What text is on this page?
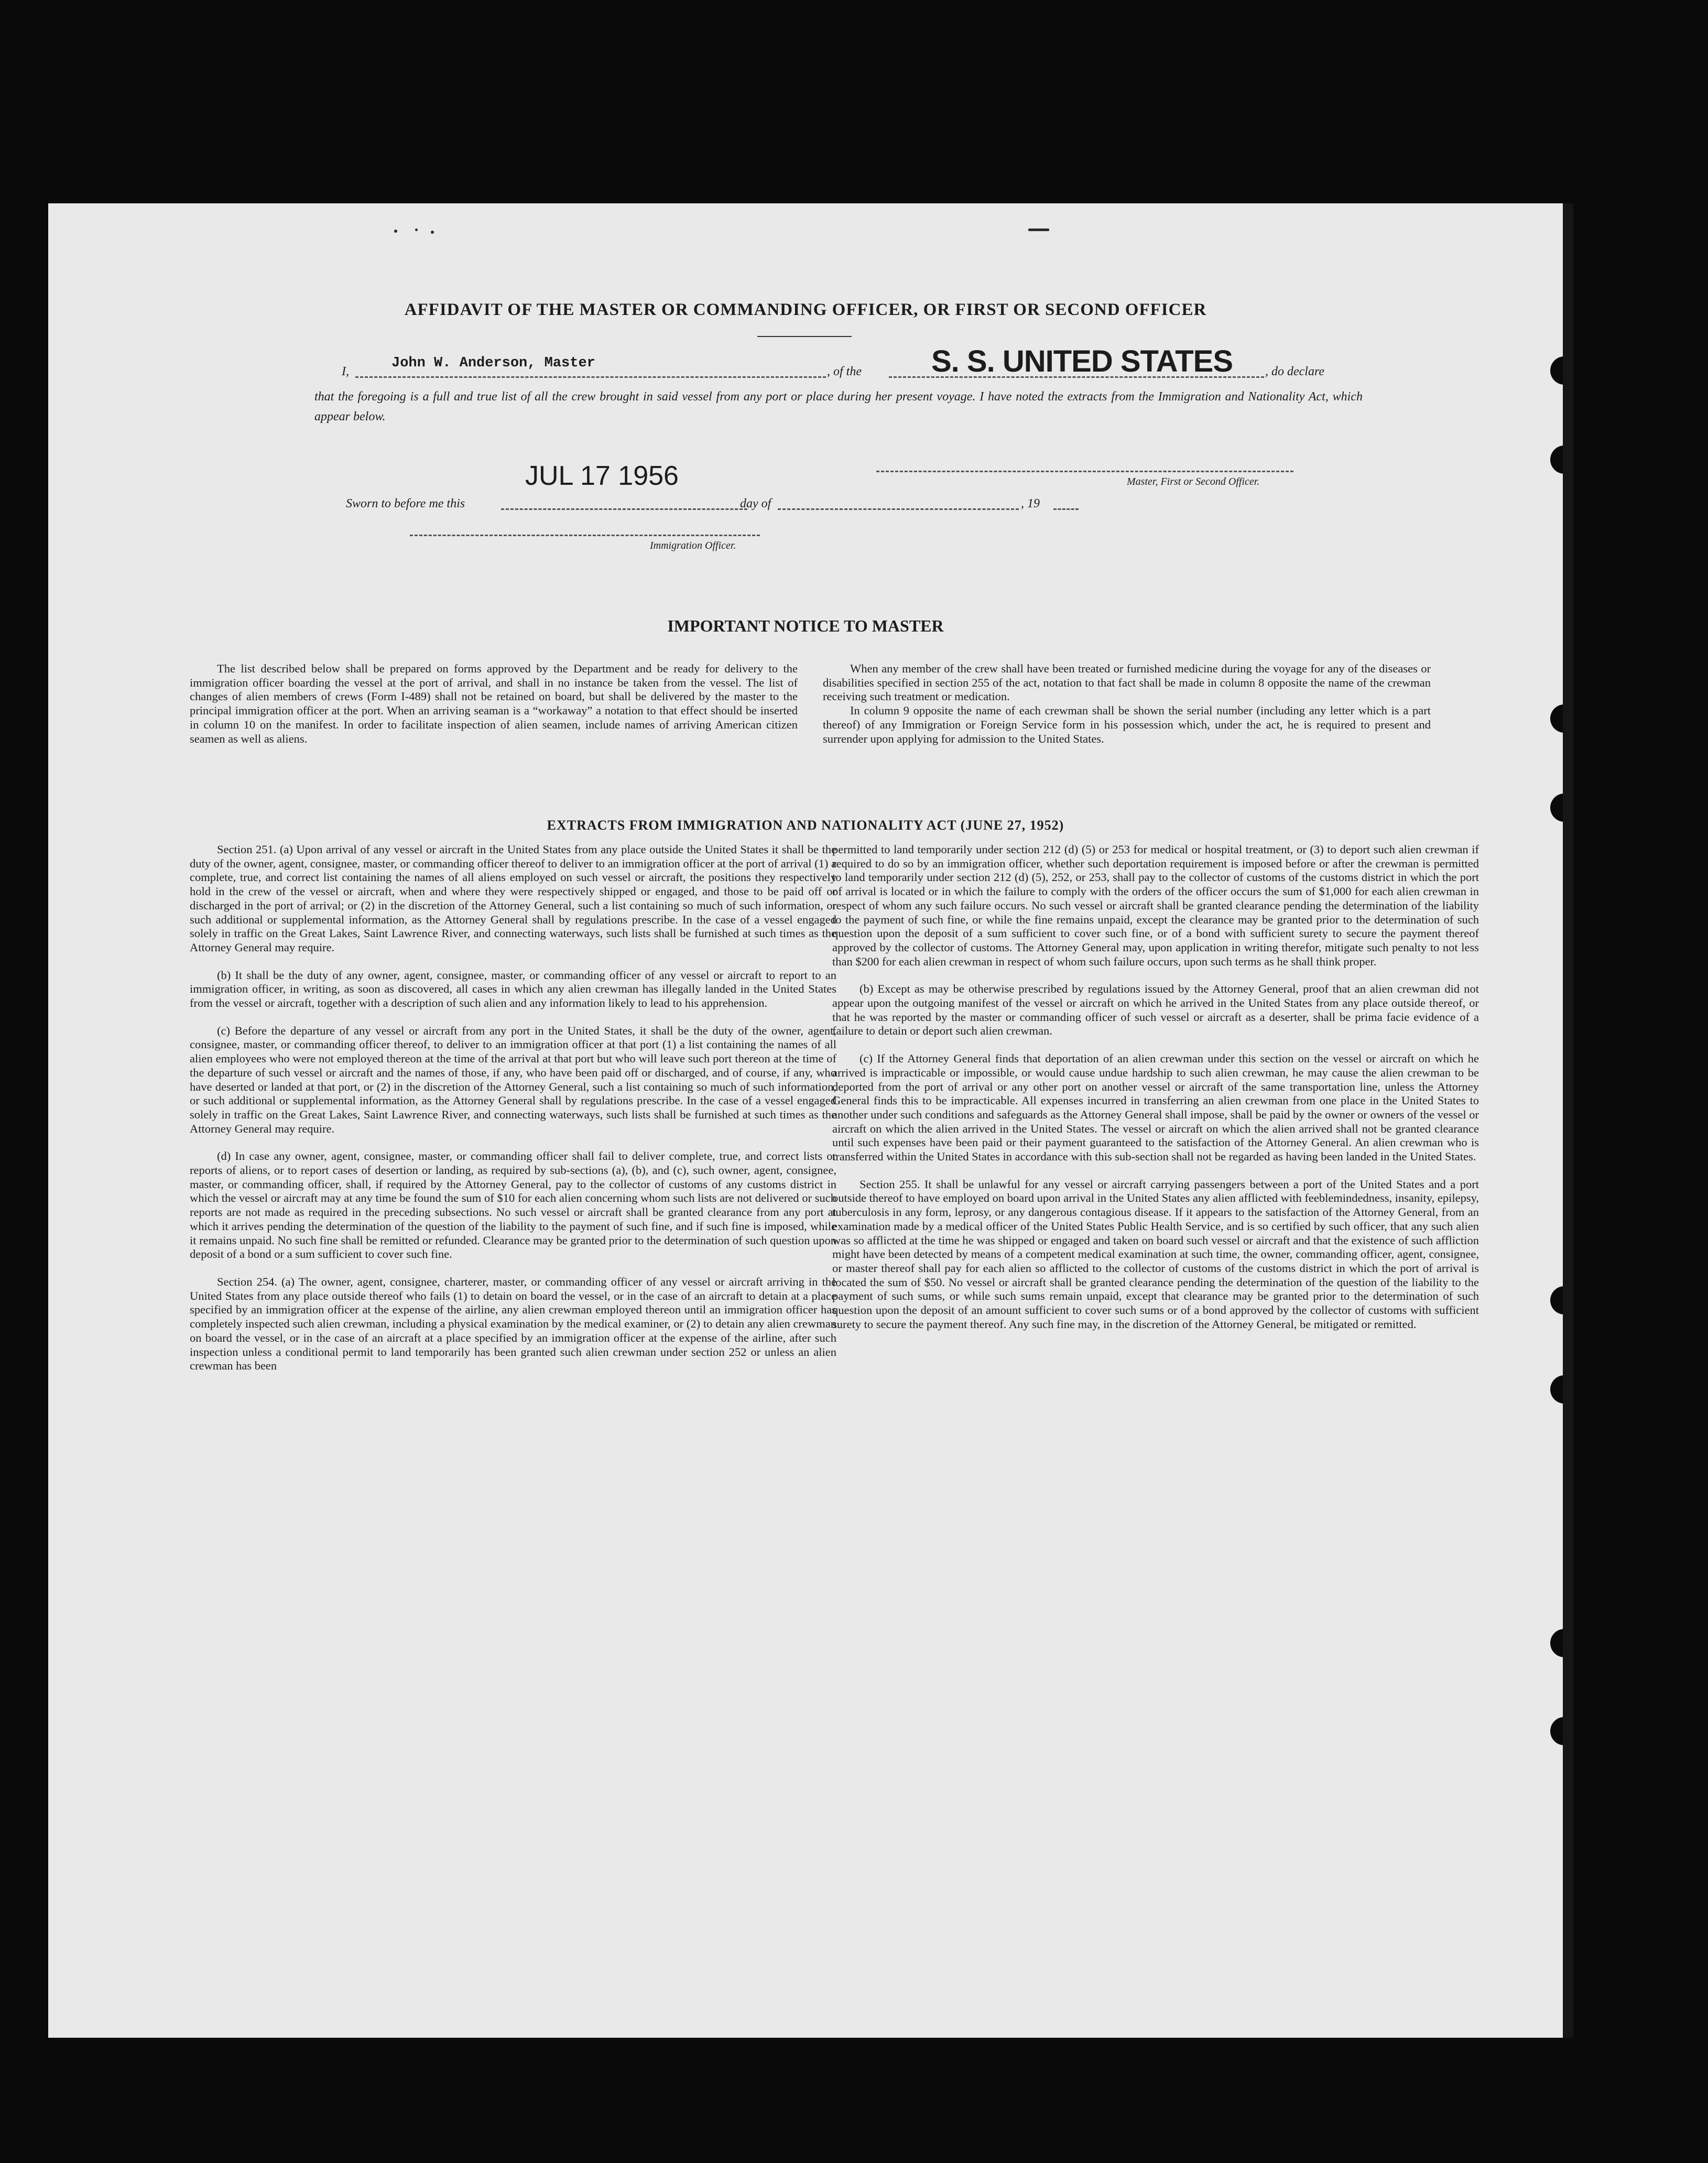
AFFIDAVIT OF THE MASTER OR COMMANDING OFFICER, OR FIRST OR SECOND OFFICER
I,
John W. Anderson, Master
, of the S. S. UNITED STATES	, do declare
that the foregoing is a full and true list of all the crew brought in said vessel from any port or place during her present voyage. I have noted the extracts from the Immigration and Nationality Act, which appear below.
JUL 17 1956	Master, First or Second Officer.
Sworn to before me this	day of	, 19
Immigration Officer.
IMPORTANT NOTICE TO MASTER

The list described below shall be prepared on forms approved by the Department and be ready for delivery to the immigration officer boarding the vessel at the port of arrival, and shall in no instance be taken from the vessel. The list of changes of alien members of crews (Form I-489) shall not be retained on board, but shall be delivered by the master to the principal immigration officer at the port. When an arriving seaman is a “workaway” a notation to that effect should be inserted in column 10 on the manifest. In order to facilitate inspection of alien seamen, include names of arriving American citizen seamen as well as aliens.

When any member of the crew shall have been treated or furnished medicine during the voyage for any of the diseases or disabilities specified in section 255 of the act, notation to that fact shall be made in column 8 opposite the name of the crewman receiving such treatment or medication.

In column 9 opposite the name of each crewman shall be shown the serial number (including any letter which is a part thereof) of any Immigration or Foreign Service form in his possession which, under the act, he is required to present and surrender upon applying for admission to the United States.

EXTRACTS FROM IMMIGRATION AND NATIONALITY ACT (JUNE 27, 1952)

Section 251. (a) Upon arrival of any vessel or aircraft in the United States from any place outside the United States it shall be the duty of the owner, agent, consignee, master, or commanding officer thereof to deliver to an immigration officer at the port of arrival (1) a complete, true, and correct list containing the names of all aliens employed on such vessel or aircraft, the positions they respectively hold in the crew of the vessel or aircraft, when and where they were respectively shipped or engaged, and those to be paid off or discharged in the port of arrival; or (2) in the discretion of the Attorney General, such a list containing so much of such information, or such additional or supplemental information, as the Attorney General shall by regulations prescribe. In the case of a vessel engaged solely in traffic on the Great Lakes, Saint Lawrence River, and connecting waterways, such lists shall be furnished at such times as the Attorney General may require.

(b) It shall be the duty of any owner, agent, consignee, master, or commanding officer of any vessel or aircraft to report to an immigration officer, in writing, as soon as discovered, all cases in which any alien crewman has illegally landed in the United States from the vessel or aircraft, together with a description of such alien and any information likely to lead to his apprehension.

(c) Before the departure of any vessel or aircraft from any port in the United States, it shall be the duty of the owner, agent, consignee, master, or commanding officer thereof, to deliver to an immigration officer at that port (1) a list containing the names of all alien employees who were not employed thereon at the time of the arrival at that port but who will leave such port thereon at the time of the departure of such vessel or aircraft and the names of those, if any, who have been paid off or discharged, and of course, if any, who have deserted or landed at that port, or (2) in the discretion of the Attorney General, such a list containing so much of such information, or such additional or supplemental information, as the Attorney General shall by regulations prescribe. In the case of a vessel engaged solely in traffic on the Great Lakes, Saint Lawrence River, and connecting waterways, such lists shall be furnished at such times as the Attorney General may require.

(d) In case any owner, agent, consignee, master, or commanding officer shall fail to deliver complete, true, and correct lists or reports of aliens, or to report cases of desertion or landing, as required by sub-sections (a), (b), and (c), such owner, agent, consignee, master, or commanding officer, shall, if required by the Attorney General, pay to the collector of customs of any customs district in which the vessel or aircraft may at any time be found the sum of $10 for each alien concerning whom such lists are not delivered or such reports are not made as required in the preceding subsections. No such vessel or aircraft shall be granted clearance from any port at which it arrives pending the determination of the question of the liability to the payment of such fine, and if such fine is imposed, while it remains unpaid. No such fine shall be remitted or refunded. Clearance may be granted prior to the determination of such question upon deposit of a bond or a sum sufficient to cover such fine.

Section 254. (a) The owner, agent, consignee, charterer, master, or commanding officer of any vessel or aircraft arriving in the United States from any place outside thereof who fails (1) to detain on board the vessel, or in the case of an aircraft to detain at a place specified by an immigration officer at the expense of the airline, any alien crewman employed thereon until an immigration officer has completely inspected such alien crewman, including a physical examination by the medical examiner, or (2) to detain any alien crewman on board the vessel, or in the case of an aircraft at a place specified by an immigration officer at the expense of the airline, after such inspection unless a conditional permit to land temporarily has been granted such alien crewman under section 252 or unless an alien crewman has been

permitted to land temporarily under section 212 (d) (5) or 253 for medical or hospital treatment, or (3) to deport such alien crewman if required to do so by an immigration officer, whether such deportation requirement is imposed before or after the crewman is permitted to land temporarily under section 212 (d) (5), 252, or 253, shall pay to the collector of customs of the customs district in which the port of arrival is located or in which the failure to comply with the orders of the officer occurs the sum of $1,000 for each alien crewman in respect of whom any such failure occurs. No such vessel or aircraft shall be granted clearance pending the determination of the liability to the payment of such fine, or while the fine remains unpaid, except the clearance may be granted prior to the determination of such question upon the deposit of a sum sufficient to cover such fine, or of a bond with sufficient surety to secure the payment thereof approved by the collector of customs. The Attorney General may, upon application in writing therefor, mitigate such penalty to not less than $200 for each alien crewman in respect of whom such failure occurs, upon such terms as he shall think proper.

(b) Except as may be otherwise prescribed by regulations issued by the Attorney General, proof that an alien crewman did not appear upon the outgoing manifest of the vessel or aircraft on which he arrived in the United States from any place outside thereof, or that he was reported by the master or commanding officer of such vessel or aircraft as a deserter, shall be prima facie evidence of a failure to detain or deport such alien crewman.

(c) If the Attorney General finds that deportation of an alien crewman under this section on the vessel or aircraft on which he arrived is impracticable or impossible, or would cause undue hardship to such alien crewman, he may cause the alien crewman to be deported from the port of arrival or any other port on another vessel or aircraft of the same transportation line, unless the Attorney General finds this to be impracticable. All expenses incurred in transferring an alien crewman from one place in the United States to another under such conditions and safeguards as the Attorney General shall impose, shall be paid by the owner or owners of the vessel or aircraft on which the alien arrived in the United States. The vessel or aircraft on which the alien arrived shall not be granted clearance until such expenses have been paid or their payment guaranteed to the satisfaction of the Attorney General. An alien crewman who is transferred within the United States in accordance with this sub-section shall not be regarded as having been landed in the United States.

Section 255. It shall be unlawful for any vessel or aircraft carrying passengers between a port of the United States and a port outside thereof to have employed on board upon arrival in the United States any alien afflicted with feeblemindedness, insanity, epilepsy, tuberculosis in any form, leprosy, or any dangerous contagious disease. If it appears to the satisfaction of the Attorney General, from an examination made by a medical officer of the United States Public Health Service, and is so certified by such officer, that any such alien was so afflicted at the time he was shipped or engaged and taken on board such vessel or aircraft and that the existence of such affliction might have been detected by means of a competent medical examination at such time, the owner, commanding officer, agent, consignee, or master thereof shall pay for each alien so afflicted to the collector of customs of the customs district in which the port of arrival is located the sum of $50. No vessel or aircraft shall be granted clearance pending the determination of the question of the liability to the payment of such sums, or while such sums remain unpaid, except that clearance may be granted prior to the determination of such question upon the deposit of an amount sufficient to cover such sums or of a bond approved by the collector of customs with sufficient surety to secure the payment thereof. Any such fine may, in the discretion of the Attorney General, be mitigated or remitted.
